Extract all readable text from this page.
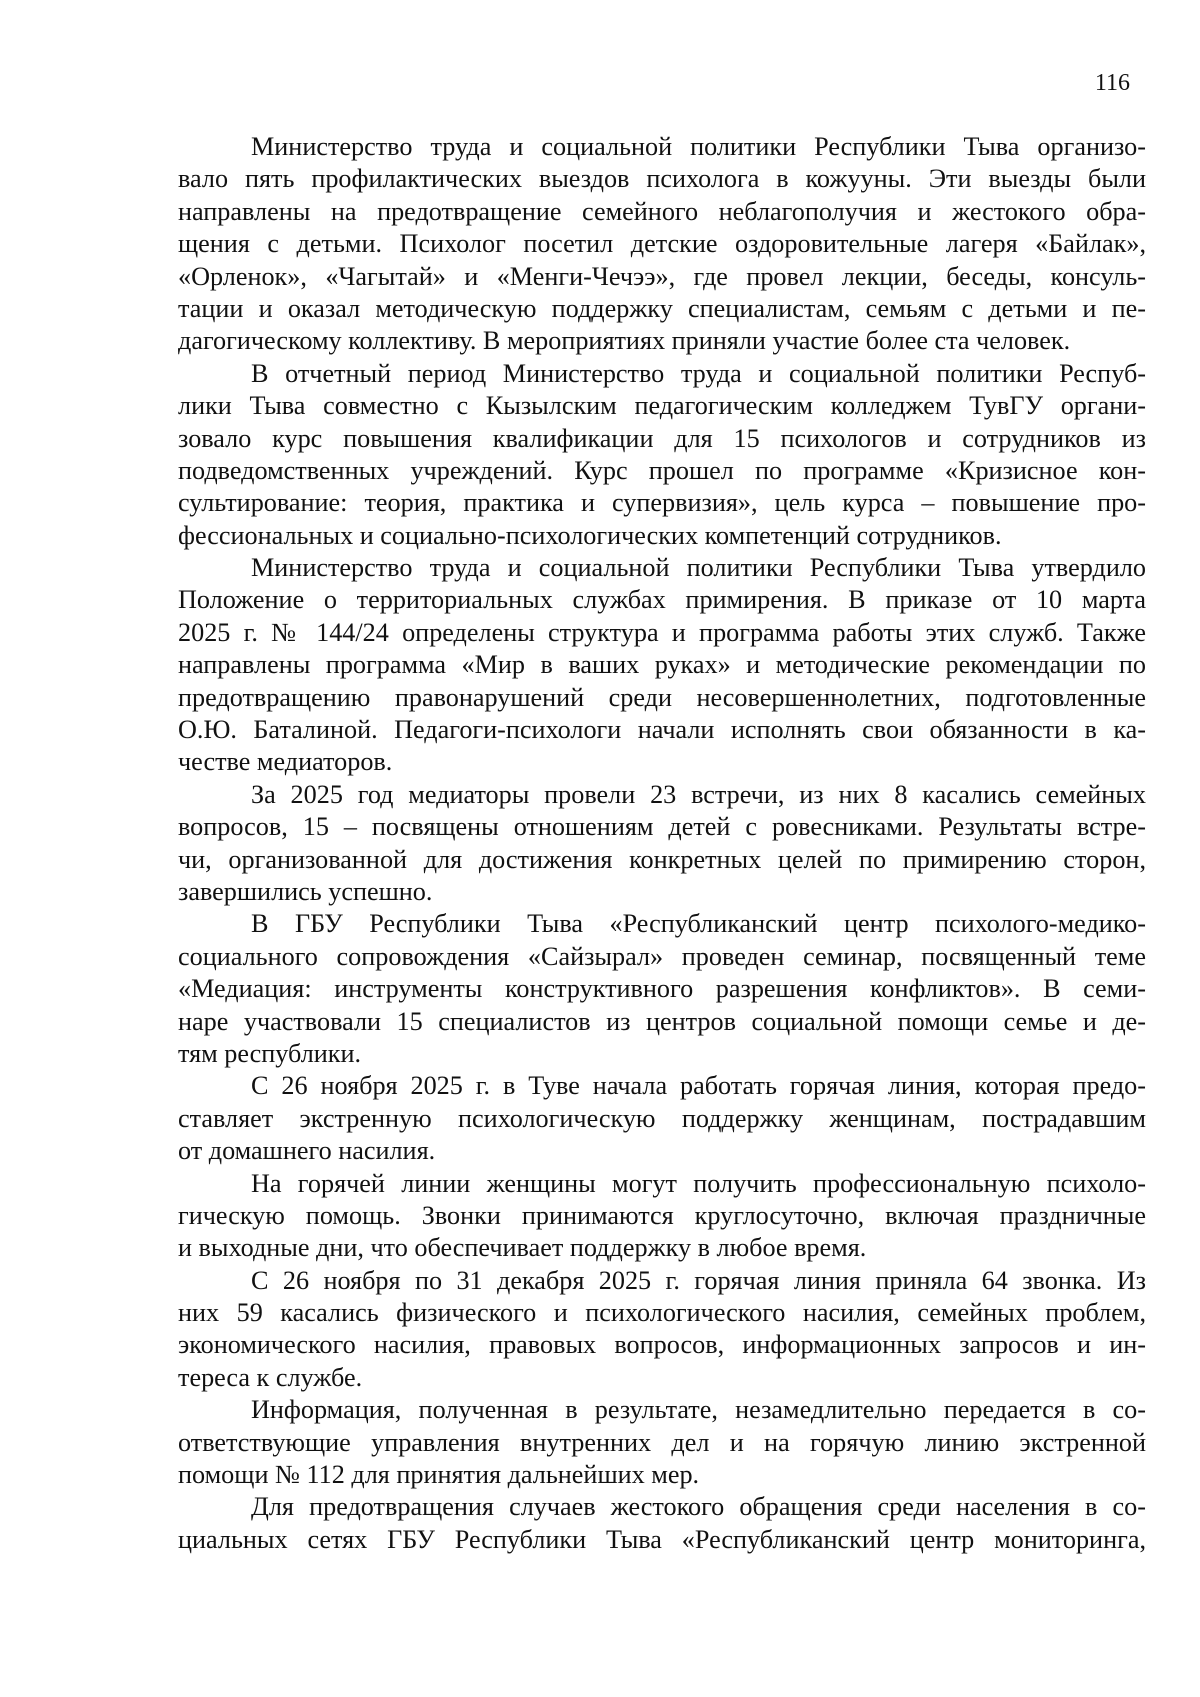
116
Министерство труда и социальной политики Республики Тыва организо-
вало пять профилактических выездов психолога в кожууны. Эти выезды были
направлены на предотвращение семейного неблагополучия и жестокого обра-
щения с детьми. Психолог посетил детские оздоровительные лагеря «Байлак»,
«Орленок», «Чагытай» и «Менги-Чечээ», где провел лекции, беседы, консуль-
тации и оказал методическую поддержку специалистам, семьям с детьми и пе-
дагогическому коллективу. В мероприятиях приняли участие более ста человек.
В отчетный период Министерство труда и социальной политики Респуб-
лики Тыва совместно с Кызылским педагогическим колледжем ТувГУ органи-
зовало курс повышения квалификации для 15 психологов и сотрудников из
подведомственных учреждений. Курс прошел по программе «Кризисное кон-
сультирование: теория, практика и супервизия», цель курса – повышение про-
фессиональных и социально-психологических компетенций сотрудников.
Министерство труда и социальной политики Республики Тыва утвердило
Положение о территориальных службах примирения. В приказе от 10 марта
2025 г. № 144/24 определены структура и программа работы этих служб. Также
направлены программа «Мир в ваших руках» и методические рекомендации по
предотвращению правонарушений среди несовершеннолетних, подготовленные
О.Ю. Баталиной. Педагоги-психологи начали исполнять свои обязанности в ка-
честве медиаторов.
За 2025 год медиаторы провели 23 встречи, из них 8 касались семейных
вопросов, 15 – посвящены отношениям детей с ровесниками. Результаты встре-
чи, организованной для достижения конкретных целей по примирению сторон,
завершились успешно.
В ГБУ Республики Тыва «Республиканский центр психолого-медико-
социального сопровождения «Сайзырал» проведен семинар, посвященный теме
«Медиация: инструменты конструктивного разрешения конфликтов». В семи-
наре участвовали 15 специалистов из центров социальной помощи семье и де-
тям республики.
С 26 ноября 2025 г. в Туве начала работать горячая линия, которая предо-
ставляет экстренную психологическую поддержку женщинам, пострадавшим
от домашнего насилия.
На горячей линии женщины могут получить профессиональную психоло-
гическую помощь. Звонки принимаются круглосуточно, включая праздничные
и выходные дни, что обеспечивает поддержку в любое время.
С 26 ноября по 31 декабря 2025 г. горячая линия приняла 64 звонка. Из
них 59 касались физического и психологического насилия, семейных проблем,
экономического насилия, правовых вопросов, информационных запросов и ин-
тереса к службе.
Информация, полученная в результате, незамедлительно передается в со-
ответствующие управления внутренних дел и на горячую линию экстренной
помощи № 112 для принятия дальнейших мер.
Для предотвращения случаев жестокого обращения среди населения в со-
циальных сетях ГБУ Республики Тыва «Республиканский центр мониторинга,
